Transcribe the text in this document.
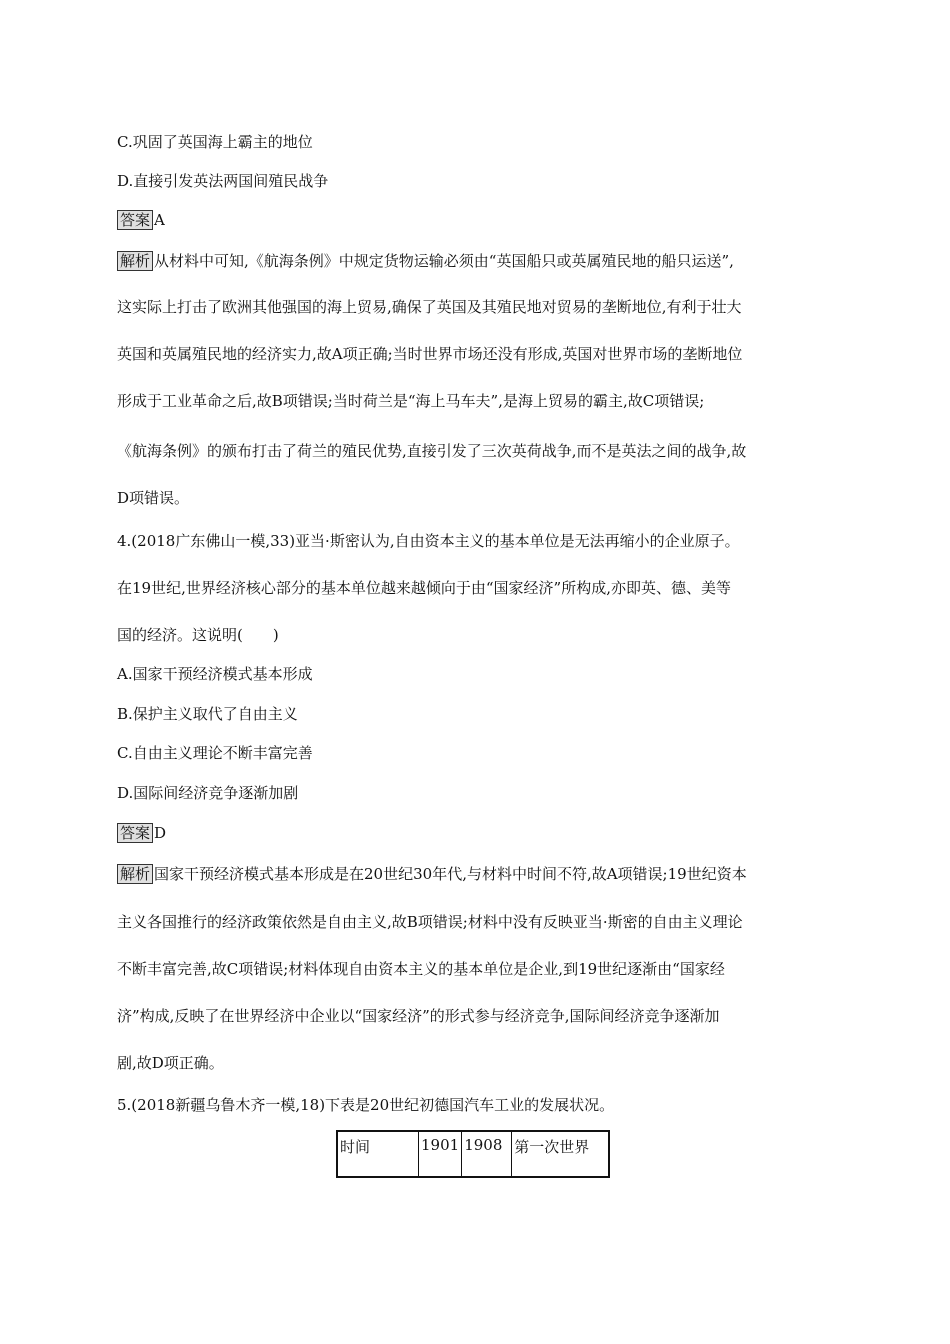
C.巩固了英国海上霸主的地位
D.直接引发英法两国间殖民战争
答案 A
解析 从材料中可知,《航海条例》中规定货物运输必须由“英国船只或英属殖民地的船只运送”,
这实际上打击了欧洲其他强国的海上贸易,确保了英国及其殖民地对贸易的垄断地位,有利于壮大
英国和英属殖民地的经济实力,故A项正确;当时世界市场还没有形成,英国对世界市场的垄断地位
形成于工业革命之后,故B项错误;当时荷兰是“海上马车夫”,是海上贸易的霸主,故C项错误;
《航海条例》的颁布打击了荷兰的殖民优势,直接引发了三次英荷战争,而不是英法之间的战争,故
D项错误。
4.(2018广东佛山一模,33)亚当·斯密认为,自由资本主义的基本单位是无法再缩小的企业原子。
在19世纪,世界经济核心部分的基本单位越来越倾向于由“国家经济”所构成,亦即英、德、美等
国的经济。这说明(　　)
A.国家干预经济模式基本形成
B.保护主义取代了自由主义
C.自由主义理论不断丰富完善
D.国际间经济竞争逐渐加剧
答案 D
解析 国家干预经济模式基本形成是在20世纪30年代,与材料中时间不符,故A项错误;19世纪资本
主义各国推行的经济政策依然是自由主义,故B项错误;材料中没有反映亚当·斯密的自由主义理论
不断丰富完善,故C项错误;材料体现自由资本主义的基本单位是企业,到19世纪逐渐由“国家经
济”构成,反映了在世界经济中企业以“国家经济”的形式参与经济竞争,国际间经济竞争逐渐加
剧,故D项正确。
5.(2018新疆乌鲁木齐一模,18)下表是20世纪初德国汽车工业的发展状况。
时间	1901	1908	第一次世界
